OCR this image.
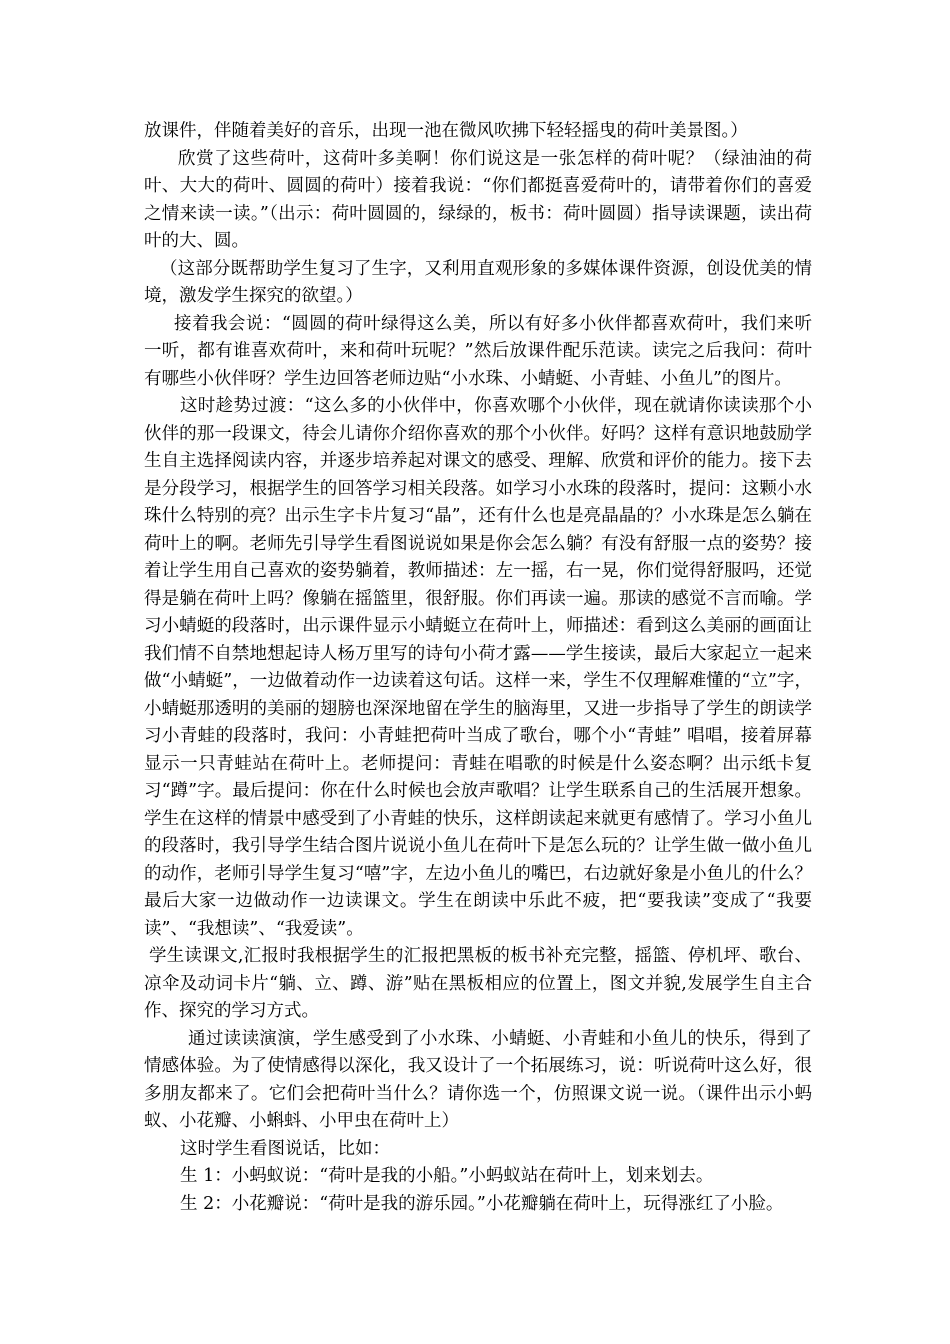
放课件，伴随着美好的音乐，出现一池在微风吹拂下轻轻摇曳的荷叶美景图。）

欣赏了这些荷叶，这荷叶多美啊！你们说这是一张怎样的荷叶呢？（绿油油的荷叶、大大的荷叶、圆圆的荷叶）接着我说：“你们都挺喜爱荷叶的，请带着你们的喜爱之情来读一读。”（出示：荷叶圆圆的，绿绿的，板书：荷叶圆圆）指导读课题，读出荷叶的大、圆。

（这部分既帮助学生复习了生字，又利用直观形象的多媒体课件资源，创设优美的情境，激发学生探究的欲望。）

接着我会说：“圆圆的荷叶绿得这么美，所以有好多小伙伴都喜欢荷叶，我们来听一听，都有谁喜欢荷叶，来和荷叶玩呢？”然后放课件配乐范读。读完之后我问：荷叶有哪些小伙伴呀？学生边回答老师边贴“小水珠、小蜻蜓、小青蛙、小鱼儿”的图片。

这时趁势过渡：“这么多的小伙伴中，你喜欢哪个小伙伴，现在就请你读读那个小伙伴的那一段课文，待会儿请你介绍你喜欢的那个小伙伴。好吗？这样有意识地鼓励学生自主选择阅读内容，并逐步培养起对课文的感受、理解、欣赏和评价的能力。接下去是分段学习，根据学生的回答学习相关段落。如学习小水珠的段落时，提问：这颗小水珠什么特别的亮？出示生字卡片复习“晶”，还有什么也是亮晶晶的？小水珠是怎么躺在荷叶上的啊。老师先引导学生看图说说如果是你会怎么躺？有没有舒服一点的姿势？接着让学生用自己喜欢的姿势躺着，教师描述：左一摇，右一晃，你们觉得舒服吗，还觉得是躺在荷叶上吗？像躺在摇篮里，很舒服。你们再读一遍。那读的感觉不言而喻。学习小蜻蜓的段落时，出示课件显示小蜻蜓立在荷叶上，师描述：看到这么美丽的画面让我们情不自禁地想起诗人杨万里写的诗句小荷才露——学生接读，最后大家起立一起来做“小蜻蜓”，一边做着动作一边读着这句话。这样一来，学生不仅理解难懂的“立”字，小蜻蜓那透明的美丽的翅膀也深深地留在学生的脑海里，又进一步指导了学生的朗读学习小青蛙的段落时，我问：小青蛙把荷叶当成了歌台，哪个小“青蛙” 唱唱，接着屏幕显示一只青蛙站在荷叶上。老师提问：青蛙在唱歌的时候是什么姿态啊？出示纸卡复习“蹲”字。最后提问：你在什么时候也会放声歌唱？让学生联系自己的生活展开想象。学生在这样的情景中感受到了小青蛙的快乐，这样朗读起来就更有感情了。学习小鱼儿的段落时，我引导学生结合图片说说小鱼儿在荷叶下是怎么玩的？让学生做一做小鱼儿的动作，老师引导学生复习“嘻”字，左边小鱼儿的嘴巴，右边就好象是小鱼儿的什么？最后大家一边做动作一边读课文。学生在朗读中乐此不疲，把“要我读”变成了“我要读”、“我想读”、“我爱读”。

学生读课文,汇报时我根据学生的汇报把黑板的板书补充完整，摇篮、停机坪、歌台、凉伞及动词卡片“躺、立、蹲、游”贴在黑板相应的位置上，图文并貌,发展学生自主合作、探究的学习方式。

通过读读演演，学生感受到了小水珠、小蜻蜓、小青蛙和小鱼儿的快乐，得到了情感体验。为了使情感得以深化，我又设计了一个拓展练习，说：听说荷叶这么好，很多朋友都来了。它们会把荷叶当什么？请你选一个，仿照课文说一说。（课件出示小蚂蚁、小花瓣、小蝌蚪、小甲虫在荷叶上）

这时学生看图说话，比如：

生 1：小蚂蚁说：“荷叶是我的小船。”小蚂蚁站在荷叶上，划来划去。

生 2：小花瓣说：“荷叶是我的游乐园。”小花瓣躺在荷叶上，玩得涨红了小脸。
